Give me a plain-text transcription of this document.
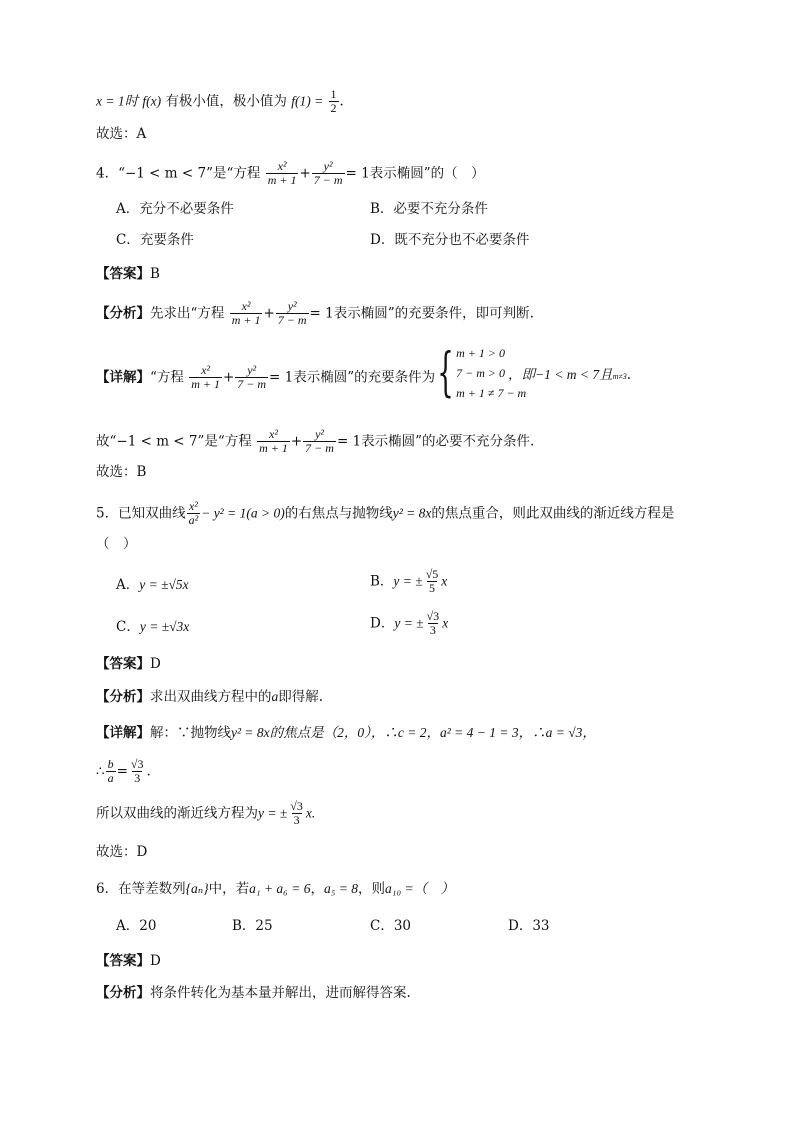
x = 1时 f(x) 有极小值，极小值为 $f(1) = \frac{1}{2}$ .
故选：A
4．“−1 < m < 7”是“方程 $\frac{\text{x²}}{m + 1} + \frac{\text{y²}}{7 - m} = 1$表示椭圆”的（　）
A．充分不必要条件	B．必要不充分条件
C．充要条件	D．既不充分也不必要条件
【答案】B
【分析】先求出“方程 $\frac{\text{x²}}{m + 1} + \frac{\text{y²}}{7 - m} = 1$表示椭圆”的充要条件，即可判断.
【详解】“方程 $\frac{\text{x²}}{m + 1} + \frac{\text{y²}}{7 - m} = 1$表示椭圆”的充要条件为 { m + 1 > 0
7 − m > 0
m + 1 ≠ 7 − m
，即−1 < m < 7且m≠3.
故“−1 < m < 7”是“方程 $\frac{\text{x²}}{m + 1} + \frac{\text{y²}}{7 - m} = 1$表示椭圆”的必要不充分条件.
故选：B
5．已知双曲线 $\frac{\text{x²}}{\text{a²}} - y^2 = 1(a > 0)$的右焦点与抛物线y² = 8x的焦点重合，则此双曲线的渐近线方程是
（　）
A．y = ±√5x	B．y = ± $\frac{√5}{5}$ x
C．y = ±√3x	D．y = ± $\frac{√3}{3}$ x
【答案】D
【分析】求出双曲线方程中的a即得解.
【详解】解：∵抛物线y² = 8x的焦点是（2，0），∴c = 2，a² = 4 − 1 = 3，∴a = √3，
∴ $\frac{b}{a} = \frac{√3}{3}$ .
所以双曲线的渐近线方程为y = ± $\frac{√3}{3} x$.
故选：D
6．在等差数列{aₙ}中，若a₁ + a₆ = 6，a₅ = 8，则a₁₀ =（　）
A．20	B．25	C．30	D．33
【答案】D
【分析】将条件转化为基本量并解出，进而解得答案.
